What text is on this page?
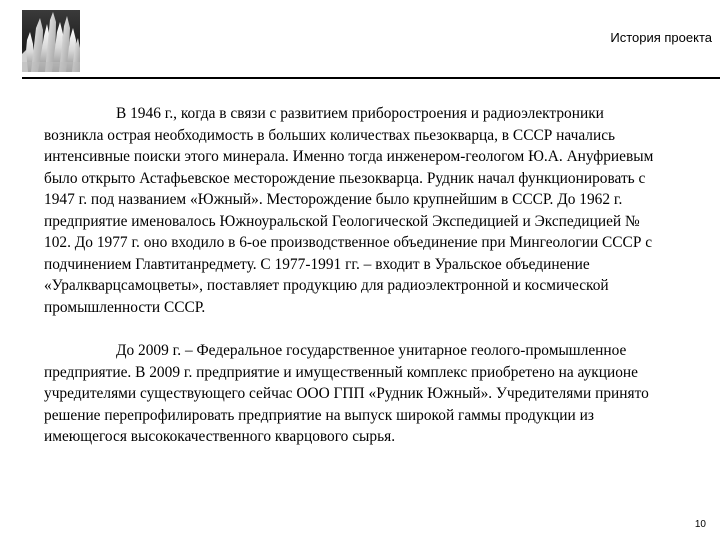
История проекта

В 1946 г., когда в связи с развитием приборостроения и радиоэлектроники возникла острая необходимость в больших количествах пьезокварца, в СССР начались интенсивные поиски этого минерала. Именно тогда инженером-геологом Ю.А. Ануфриевым было открыто Астафьевское месторождение пьезокварца. Рудник начал функционировать с 1947 г. под названием «Южный». Месторождение было крупнейшим в СССР. До 1962 г. предприятие именовалось Южноуральской Геологической Экспедицией и Экспедицией № 102. До 1977 г. оно входило в 6-ое производственное объединение при Мингеологии СССР с подчинением Главтитанредмету. С 1977-1991 гг. – входит в Уральское объединение «Уралкварцсамоцветы», поставляет продукцию для радиоэлектронной и космической промышленности СССР.

До 2009 г. – Федеральное государственное унитарное геолого-промышленное предприятие. В 2009 г. предприятие и имущественный комплекс приобретено на аукционе учредителями существующего сейчас ООО ГПП «Рудник Южный». Учредителями принято решение перепрофилировать предприятие на выпуск широкой гаммы продукции из имеющегося высококачественного кварцового сырья.

10
